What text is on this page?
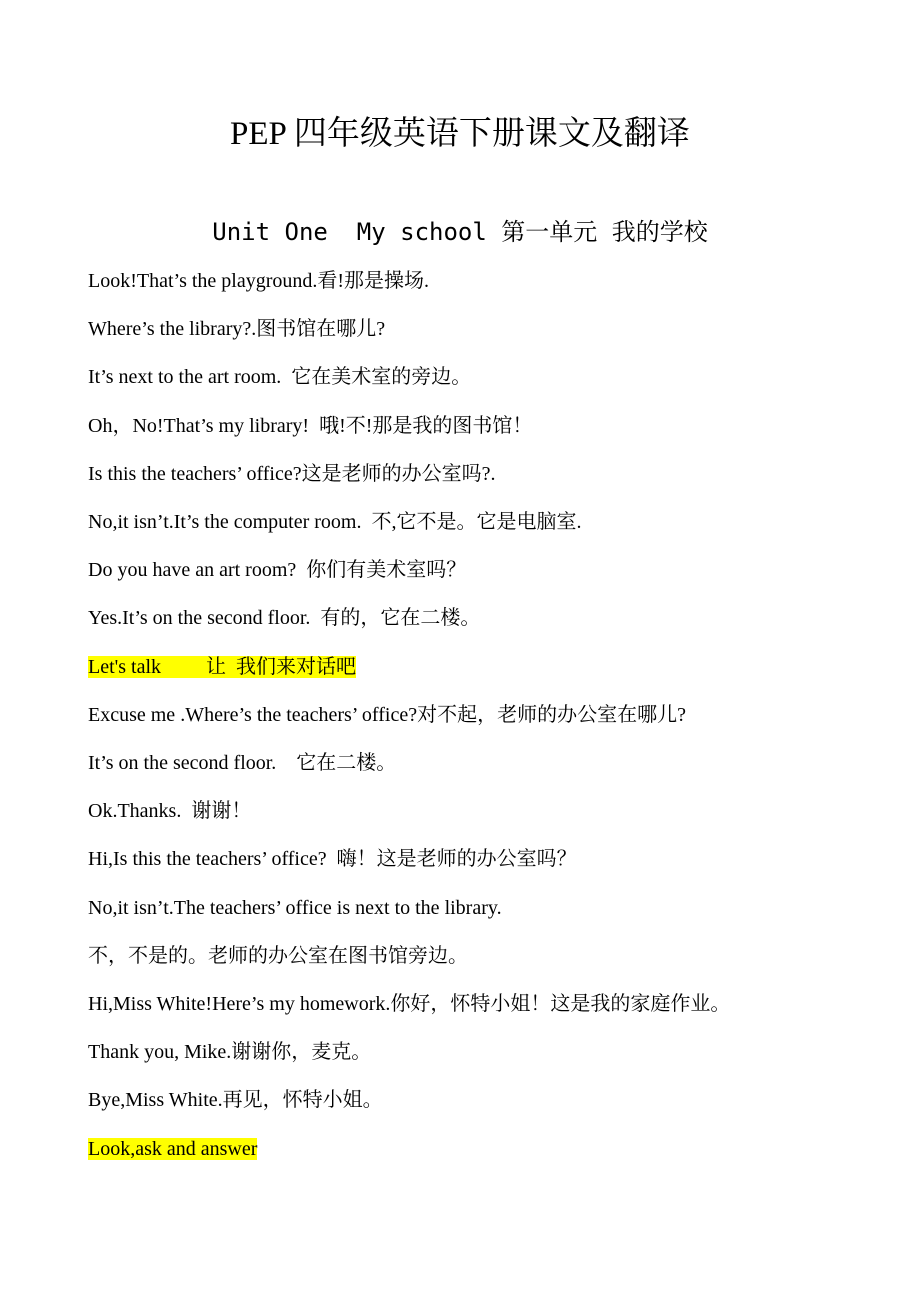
PEP 四年级英语下册课文及翻译
Unit One  My school 第一单元 我的学校
Look!That’s the playground.看!那是操场.
Where’s the library?.图书馆在哪儿?
It’s next to the art room.  它在美术室的旁边。
Oh，No!That’s my library!  哦!不!那是我的图书馆！
Is this the teachers’ office?这是老师的办公室吗?.
No,it isn’t.It’s the computer room.  不,它不是。它是电脑室.
Do you have an art room?  你们有美术室吗？
Yes.It’s on the second floor.  有的，它在二楼。
Let's talk         让  我们来对话吧
Excuse me .Where’s the teachers’ office?对不起，老师的办公室在哪儿?
It’s on the second floor.    它在二楼。
Ok.Thanks.  谢谢！
Hi,Is this the teachers’ office?  嗨！这是老师的办公室吗？
No,it isn’t.The teachers’ office is next to the library.
不，不是的。老师的办公室在图书馆旁边。
Hi,Miss White!Here’s my homework.你好，怀特小姐！这是我的家庭作业。
Thank you, Mike.谢谢你，麦克。
Bye,Miss White.再见，怀特小姐。
Look,ask and answer
